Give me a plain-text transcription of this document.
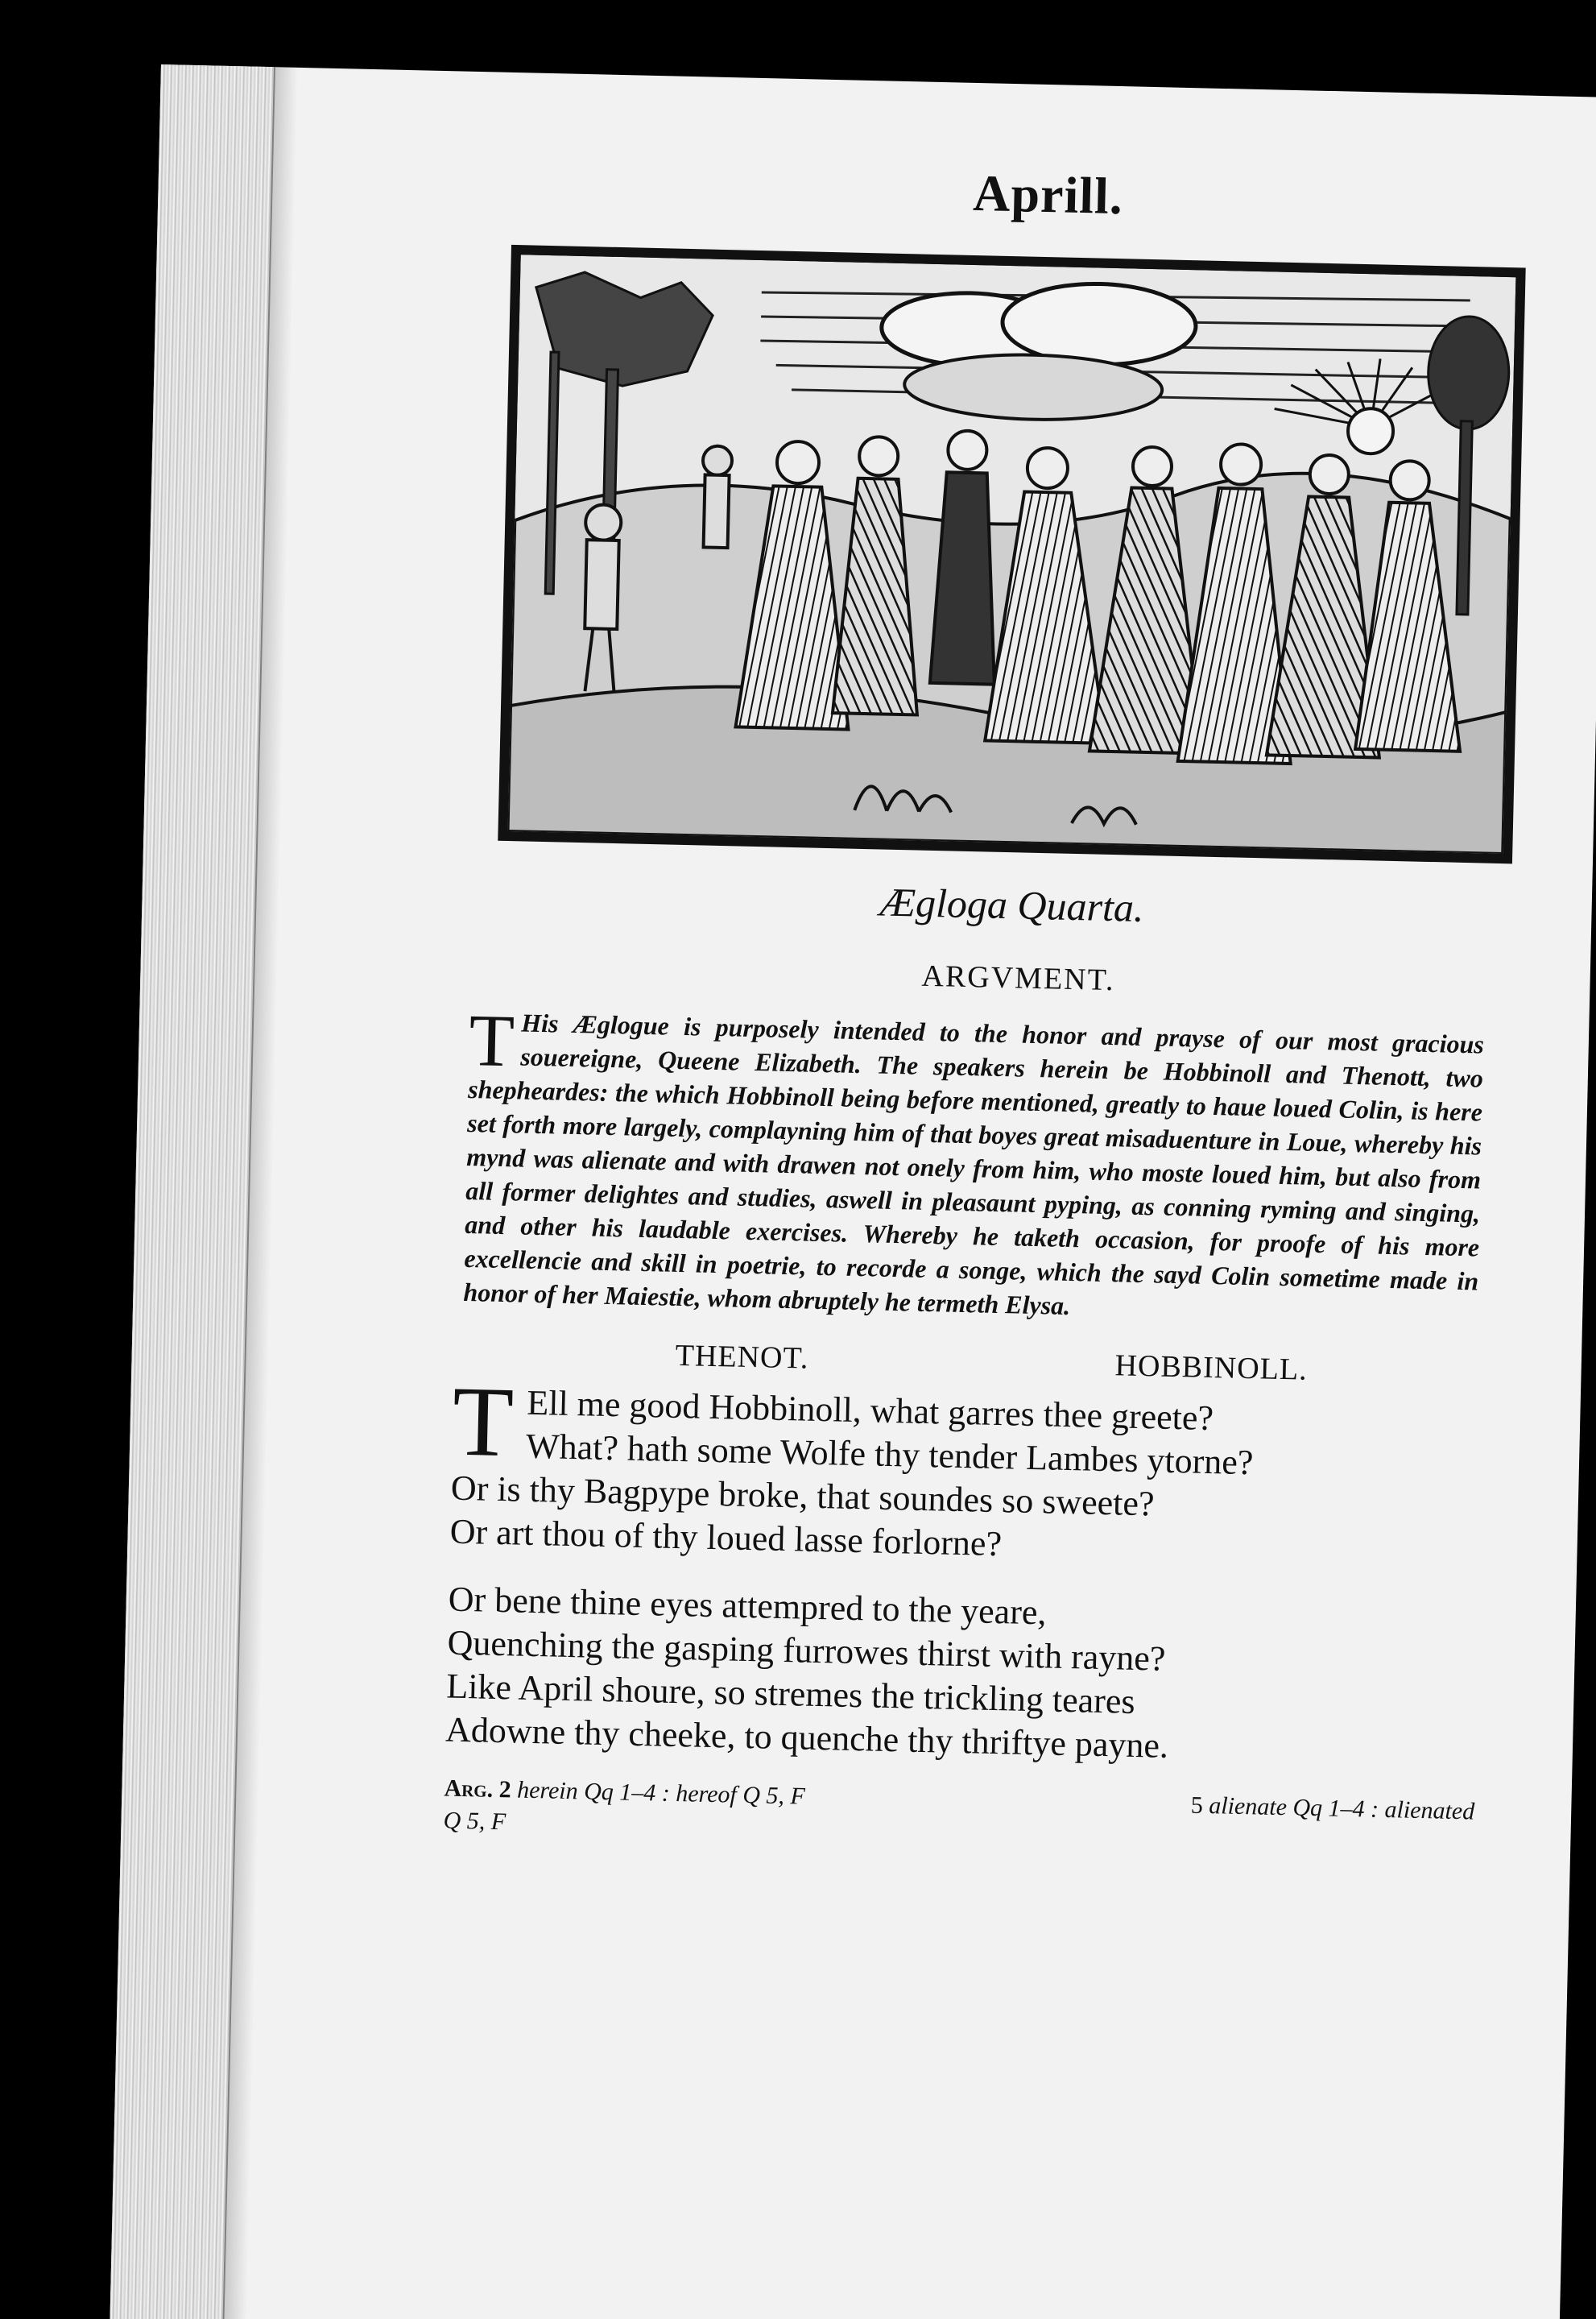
Aprill.
Ægloga Quarta.
ARGVMENT.
T His Æglogue is purposely intended to the honor and prayse of our most gracious souereigne, Queene Elizabeth. The speakers herein be Hobbinoll and Thenott, two shepheardes: the which Hobbinoll being before mentioned, greatly to haue loued Colin, is here set forth more largely, complayning him of that boyes great misaduenture in Loue, whereby his mynd was alienate and with drawen not onely from him, who moste loued him, but also from all former delightes and studies, aswell in pleasaunt pyping, as conning ryming and singing, and other his laudable exercises. Whereby he taketh occasion, for proofe of his more excellencie and skill in poetrie, to recorde a songe, which the sayd Colin sometime made in honor of her Maiestie, whom abruptely he termeth Elysa.
THENOT.	HOBBINOLL.
T Ell me good Hobbinoll, what garres thee greete?
What? hath some Wolfe thy tender Lambes ytorne?
Or is thy Bagpype broke, that soundes so sweete?
Or art thou of thy loued lasse forlorne?
Or bene thine eyes attempred to the yeare,
Quenching the gasping furrowes thirst with rayne?
Like April shoure, so stremes the trickling teares
Adowne thy cheeke, to quenche thy thriftye payne.
Arg. 2 herein Qq 1–4 : hereof Q 5, F	5 alienate Qq 1–4 : alienated
Q 5, F
